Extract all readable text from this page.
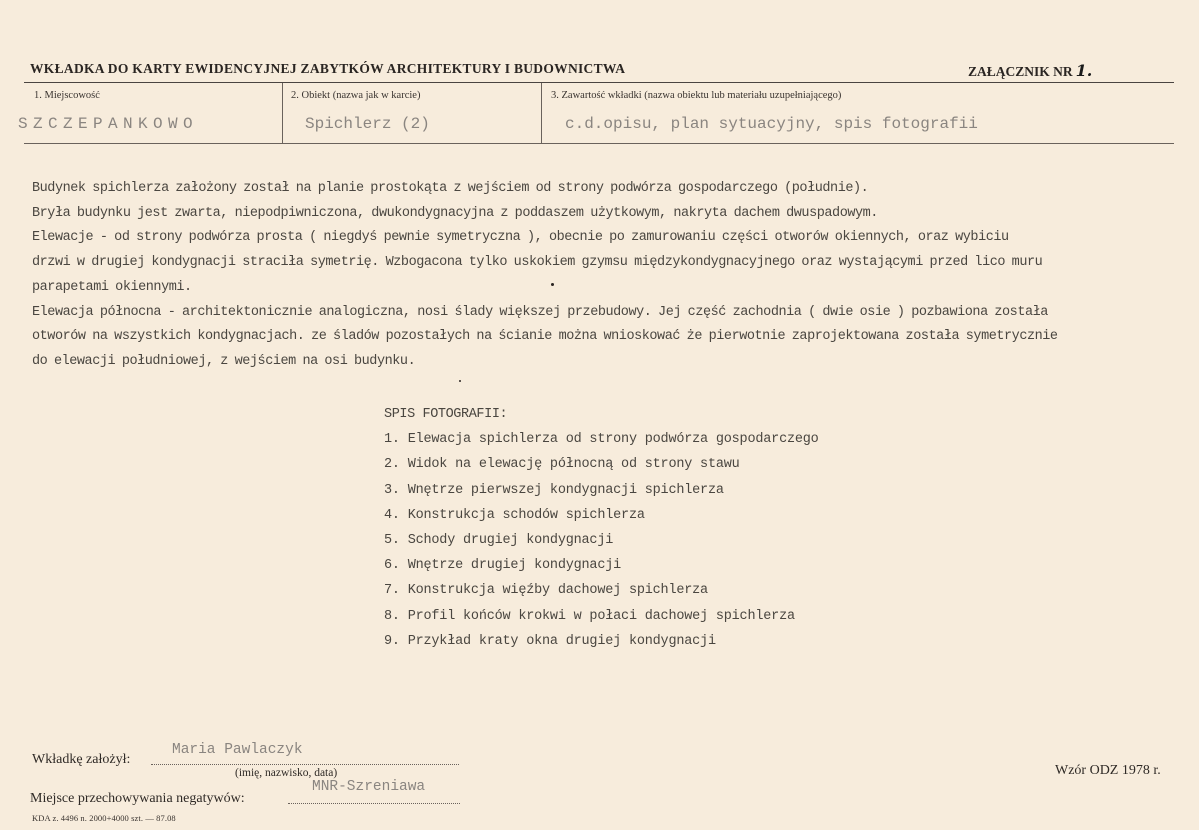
WKŁADKA DO KARTY EWIDENCYJNEJ ZABYTKÓW ARCHITEKTURY I BUDOWNICTWA	ZAŁĄCZNIK NR 1.
1. Miejscowość	2. Obiekt (nazwa jak w karcie)	3. Zawartość wkładki (nazwa obiektu lub materiału uzupełniającego)
SZCZEPANKOWO	Spichlerz (2)	c.d.opisu, plan sytuacyjny, spis fotografii
Budynek spichlerza założony został na planie prostokąta z wejściem od strony podwórza gospodarczego (południe).
Bryła budynku jest zwarta, niepodpiwniczona, dwukondygnacyjna z poddaszem użytkowym, nakryta dachem dwuspadowym.
Elewacje - od strony podwórza prosta ( niegdyś pewnie symetryczna ), obecnie po zamurowaniu części otworów okiennych, oraz wybiciu
drzwi w drugiej kondygnacji straciła symetrię. Wzbogacona tylko uskokiem gzymsu międzykondygnacyjnego oraz wystającymi przed lico muru
parapetami okiennymi.
Elewacja północna - architektonicznie analogiczna, nosi ślady większej przebudowy. Jej część zachodnia ( dwie osie ) pozbawiona została
otworów na wszystkich kondygnacjach. ze śladów pozostałych na ścianie można wnioskować że pierwotnie zaprojektowana została symetrycznie
do elewacji południowej, z wejściem na osi budynku.
SPIS FOTOGRAFII:
1. Elewacja spichlerza od strony podwórza gospodarczego
2. Widok na elewację północną od strony stawu
3. Wnętrze pierwszej kondygnacji spichlerza
4. Konstrukcja schodów spichlerza
5. Schody drugiej kondygnacji
6. Wnętrze drugiej kondygnacji
7. Konstrukcja więźby dachowej spichlerza
8. Profil końców krokwi w połaci dachowej spichlerza
9. Przykład kraty okna drugiej kondygnacji
Wkładkę założył:
Maria Pawlaczyk
(imię, nazwisko, data)
Miejsce przechowywania negatywów:
MNR-Szreniawa
Wzór ODZ 1978 r.
KDA z. 4496 n. 2000+4000 szt. — 87.08
